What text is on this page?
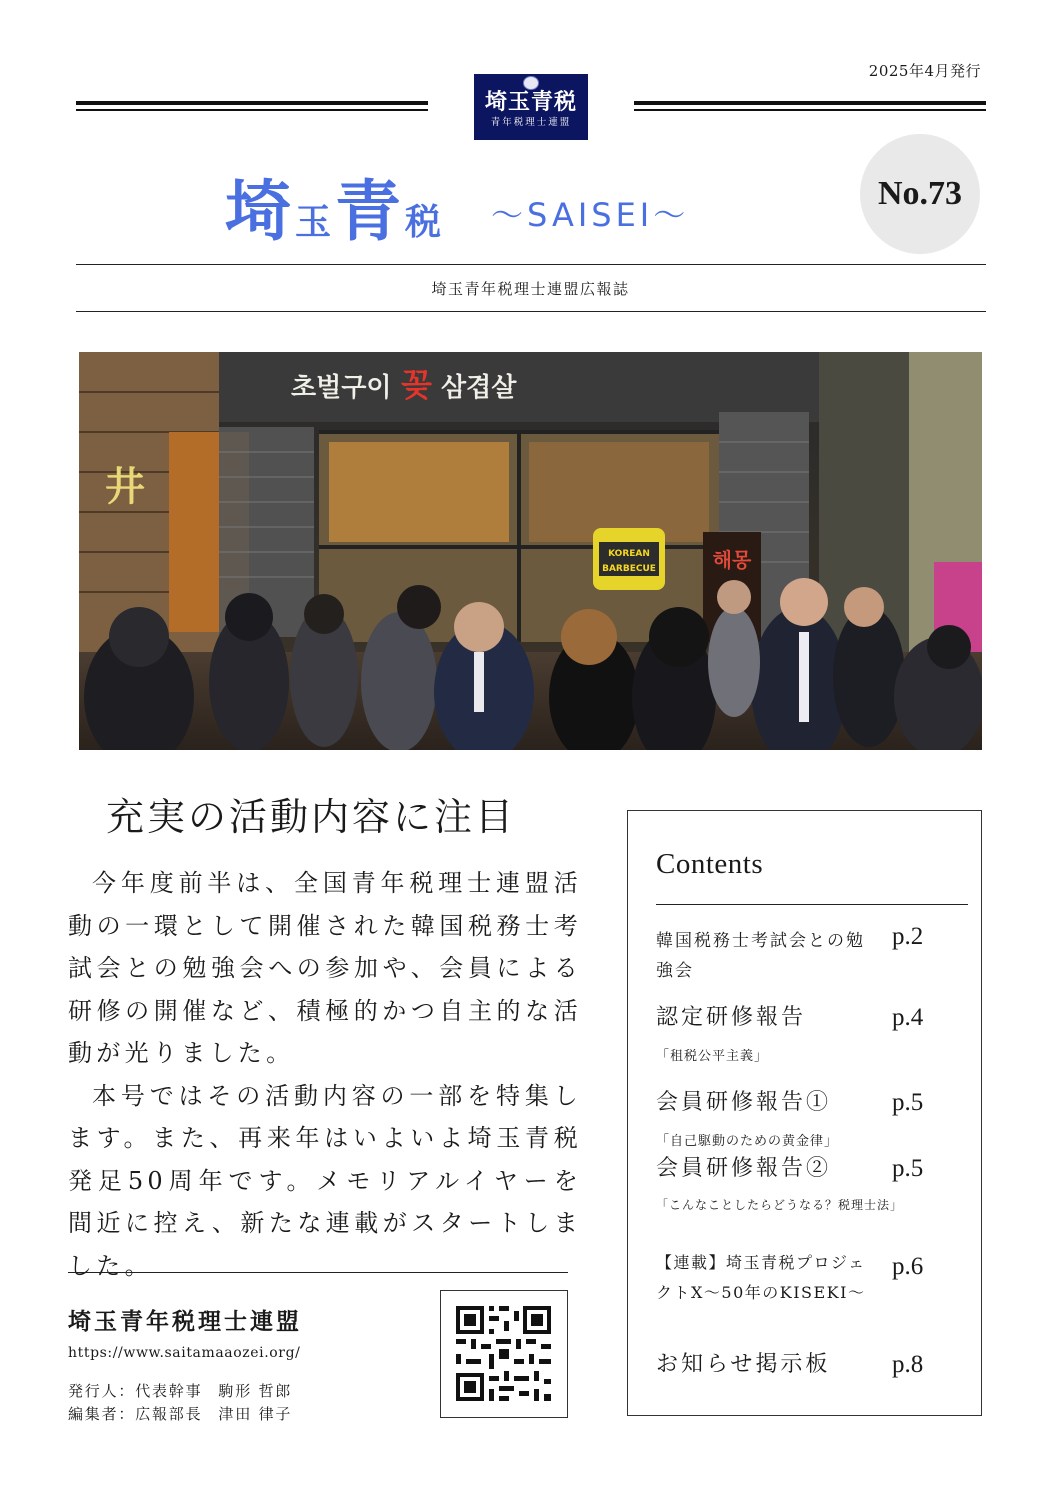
2025年4月発行
埼玉青税
青年税理士連盟
埼玉青 税 〜SAISEI〜
No.73
埼玉青年税理士連盟広報誌
KOREAN
BARBECUE	해몽
초벌구이 꽂 삼겹살
井
充実の活動内容に注目

今年度前半は、全国青年税理士連盟活動の一環として開催された韓国税務士考試会との勉強会への参加や、会員による研修の開催など、積極的かつ自主的な活動が光りました。

本号ではその活動内容の一部を特集します。また、再来年はいよいよ埼玉青税発足50周年です。メモリアルイヤーを間近に控え、新たな連載がスタートしました。

埼玉青年税理士連盟
https://www.saitamaaozei.org/
発行人：代表幹事 駒形 哲郎
編集者：広報部長 津田 律子
Contents
韓国税務士考試会との勉強会
p.2
認定研修報告	p.4
「租税公平主義」
会員研修報告① p.5
「自己駆動のための黄金律」
会員研修報告② p.5
「こんなことしたらどうなる？税理士法」
【連載】埼玉青税プロジェクトX〜50年のKISEKI〜
p.6
お知らせ掲示板 p.8
